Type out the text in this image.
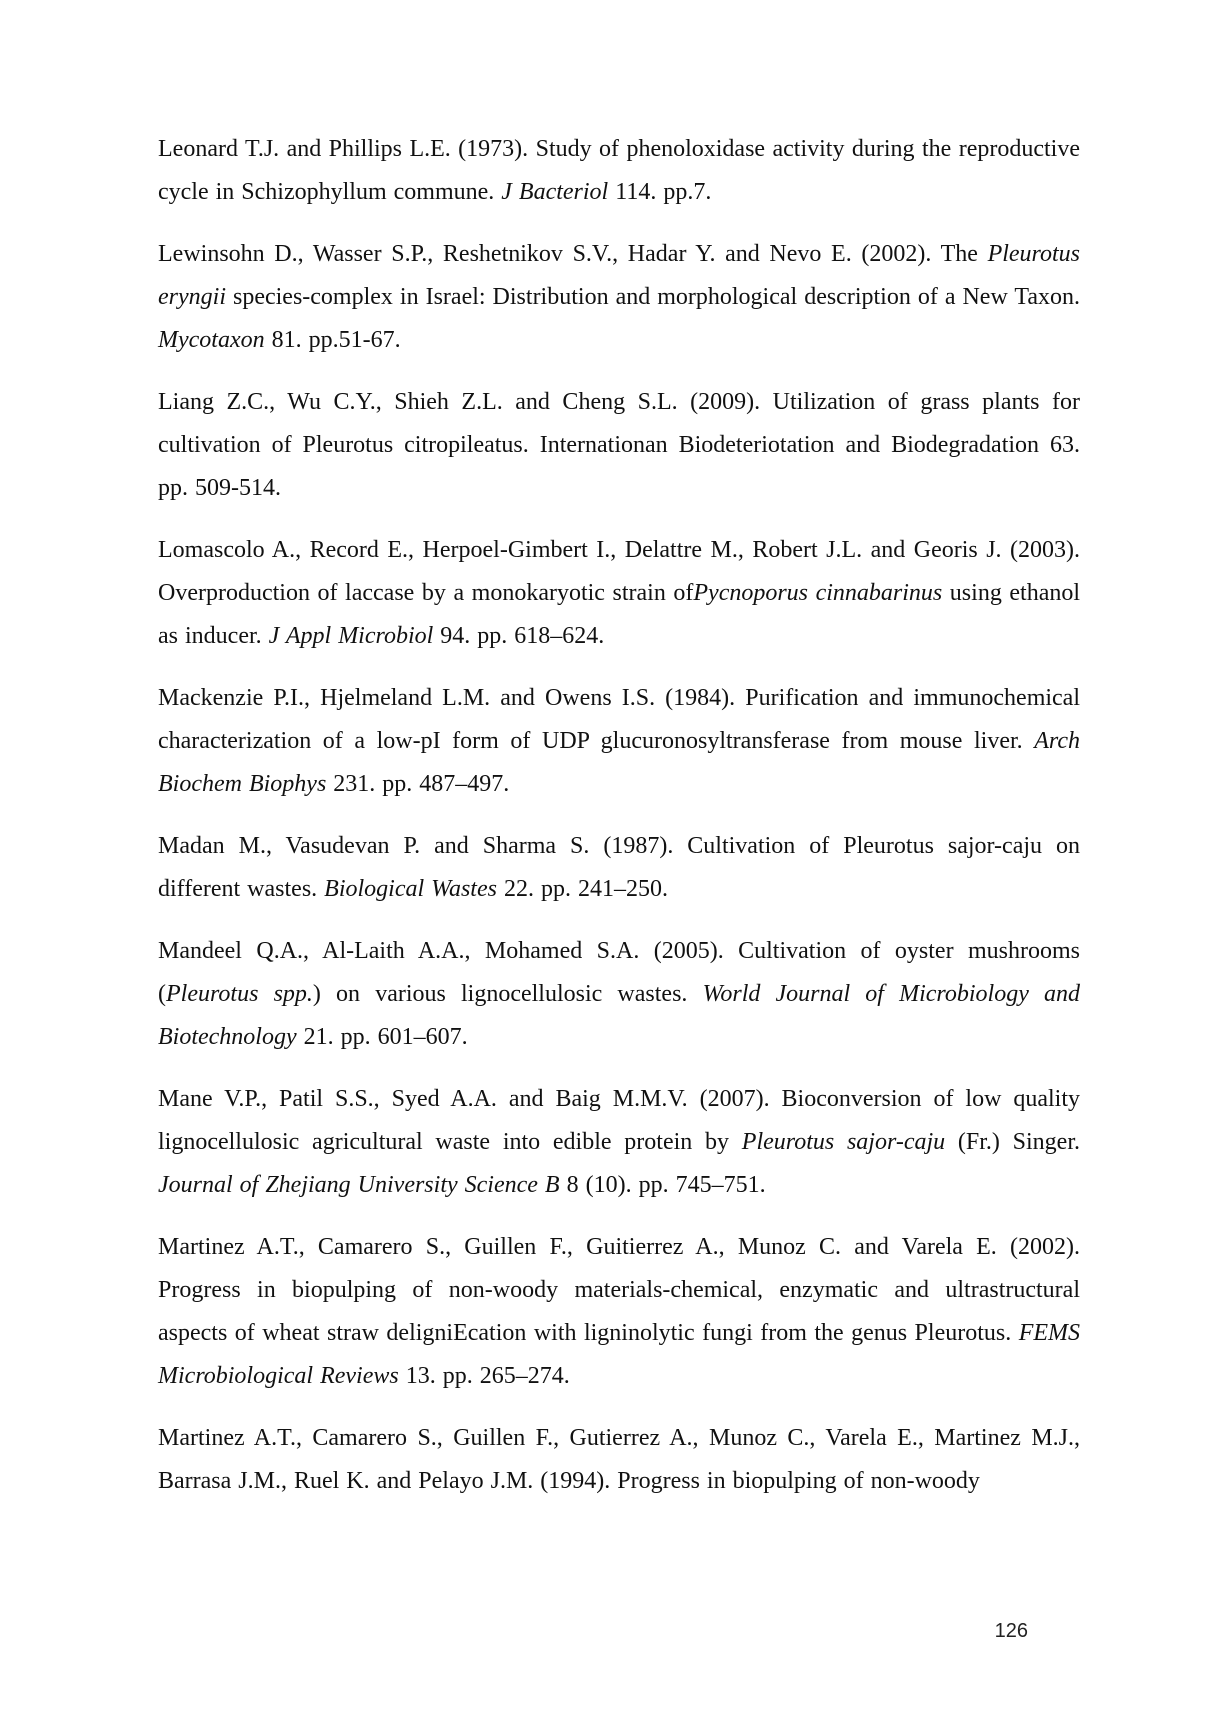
Leonard T.J. and Phillips L.E. (1973). Study of phenoloxidase activity during the reproductive cycle in Schizophyllum commune. J Bacteriol 114. pp.7.

Lewinsohn D., Wasser S.P., Reshetnikov S.V., Hadar Y. and Nevo E. (2002). The Pleurotus eryngii species-complex in Israel: Distribution and morphological description of a New Taxon. Mycotaxon 81. pp.51-67.

Liang Z.C., Wu C.Y., Shieh Z.L. and Cheng S.L. (2009). Utilization of grass plants for cultivation of Pleurotus citropileatus. Internationan Biodeteriotation and Biodegradation 63. pp. 509-514.

Lomascolo A., Record E., Herpoel-Gimbert I., Delattre M., Robert J.L. and Georis J. (2003). Overproduction of laccase by a monokaryotic strain ofPycnoporus cinnabarinus using ethanol as inducer. J Appl Microbiol 94. pp. 618–624.

Mackenzie P.I., Hjelmeland L.M. and Owens I.S. (1984). Purification and immunochemical characterization of a low-pI form of UDP glucuronosyltransferase from mouse liver. Arch Biochem Biophys 231. pp. 487–497.

Madan M., Vasudevan P. and Sharma S. (1987). Cultivation of Pleurotus sajor-caju on different wastes. Biological Wastes 22. pp. 241–250.

Mandeel Q.A., Al-Laith A.A., Mohamed S.A. (2005). Cultivation of oyster mushrooms (Pleurotus spp.) on various lignocellulosic wastes. World Journal of Microbiology and Biotechnology 21. pp. 601–607.

Mane V.P., Patil S.S., Syed A.A. and Baig M.M.V. (2007). Bioconversion of low quality lignocellulosic agricultural waste into edible protein by Pleurotus sajor-caju (Fr.) Singer. Journal of Zhejiang University Science B 8 (10). pp. 745–751.

Martinez A.T., Camarero S., Guillen F., Guitierrez A., Munoz C. and Varela E. (2002). Progress in biopulping of non-woody materials-chemical, enzymatic and ultrastructural aspects of wheat straw deligniEcation with ligninolytic fungi from the genus Pleurotus. FEMS Microbiological Reviews 13. pp. 265–274.

Martinez A.T., Camarero S., Guillen F., Gutierrez A., Munoz C., Varela E., Martinez M.J., Barrasa J.M., Ruel K. and Pelayo J.M. (1994). Progress in biopulping of non-woody

126
